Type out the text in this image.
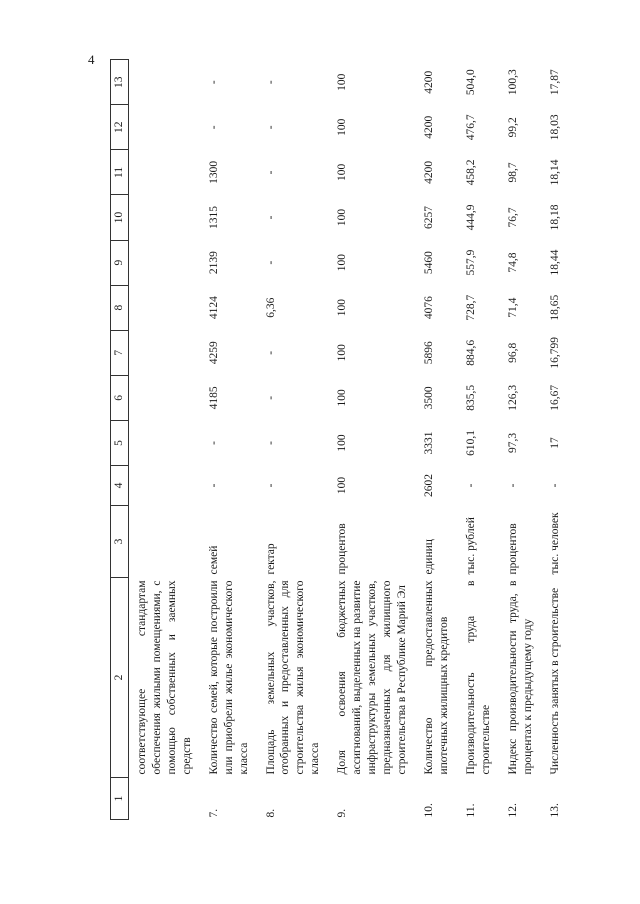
4
1	2	3	4	5	6	7	8	9	10	11	12	13
	соответствующее стандартам обеспечения жилыми помещениями, с помощью собственных и заемных средств											
7.	Количество семей, которые построили или приобрели жилье экономического класса	семей	-	-	4185	4259	4124	2139	1315	1300	-	-
8.	Площадь земельных участков, отобранных и предоставленных для строительства жилья экономического класса	гектар	-	-	-	-	6,36	-	-	-	-	-
9.	Доля освоения бюджетных ассигнований, выделенных на развитие инфраструктуры земельных участков, предназначенных для жилищного строительства в Республике Марий Эл	процентов	100	100	100	100	100	100	100	100	100	100
10.	Количество предоставленных ипотечных жилищных кредитов	единиц	2602	3331	3500	5896	4076	5460	6257	4200	4200	4200
11.	Производительность труда в строительстве	тыс. рублей	-	610,1	835,5	884,6	728,7	557,9	444,9	458,2	476,7	504,0
12.	Индекс производительности труда, в процентах к предыдущему году	процентов	-	97,3	126,3	96,8	71,4	74,8	76,7	98,7	99,2	100,3
13.	Численность занятых в строительстве	тыс. человек	-	17	16,67	16,799	18,65	18,44	18,18	18,14	18,03	17,87
